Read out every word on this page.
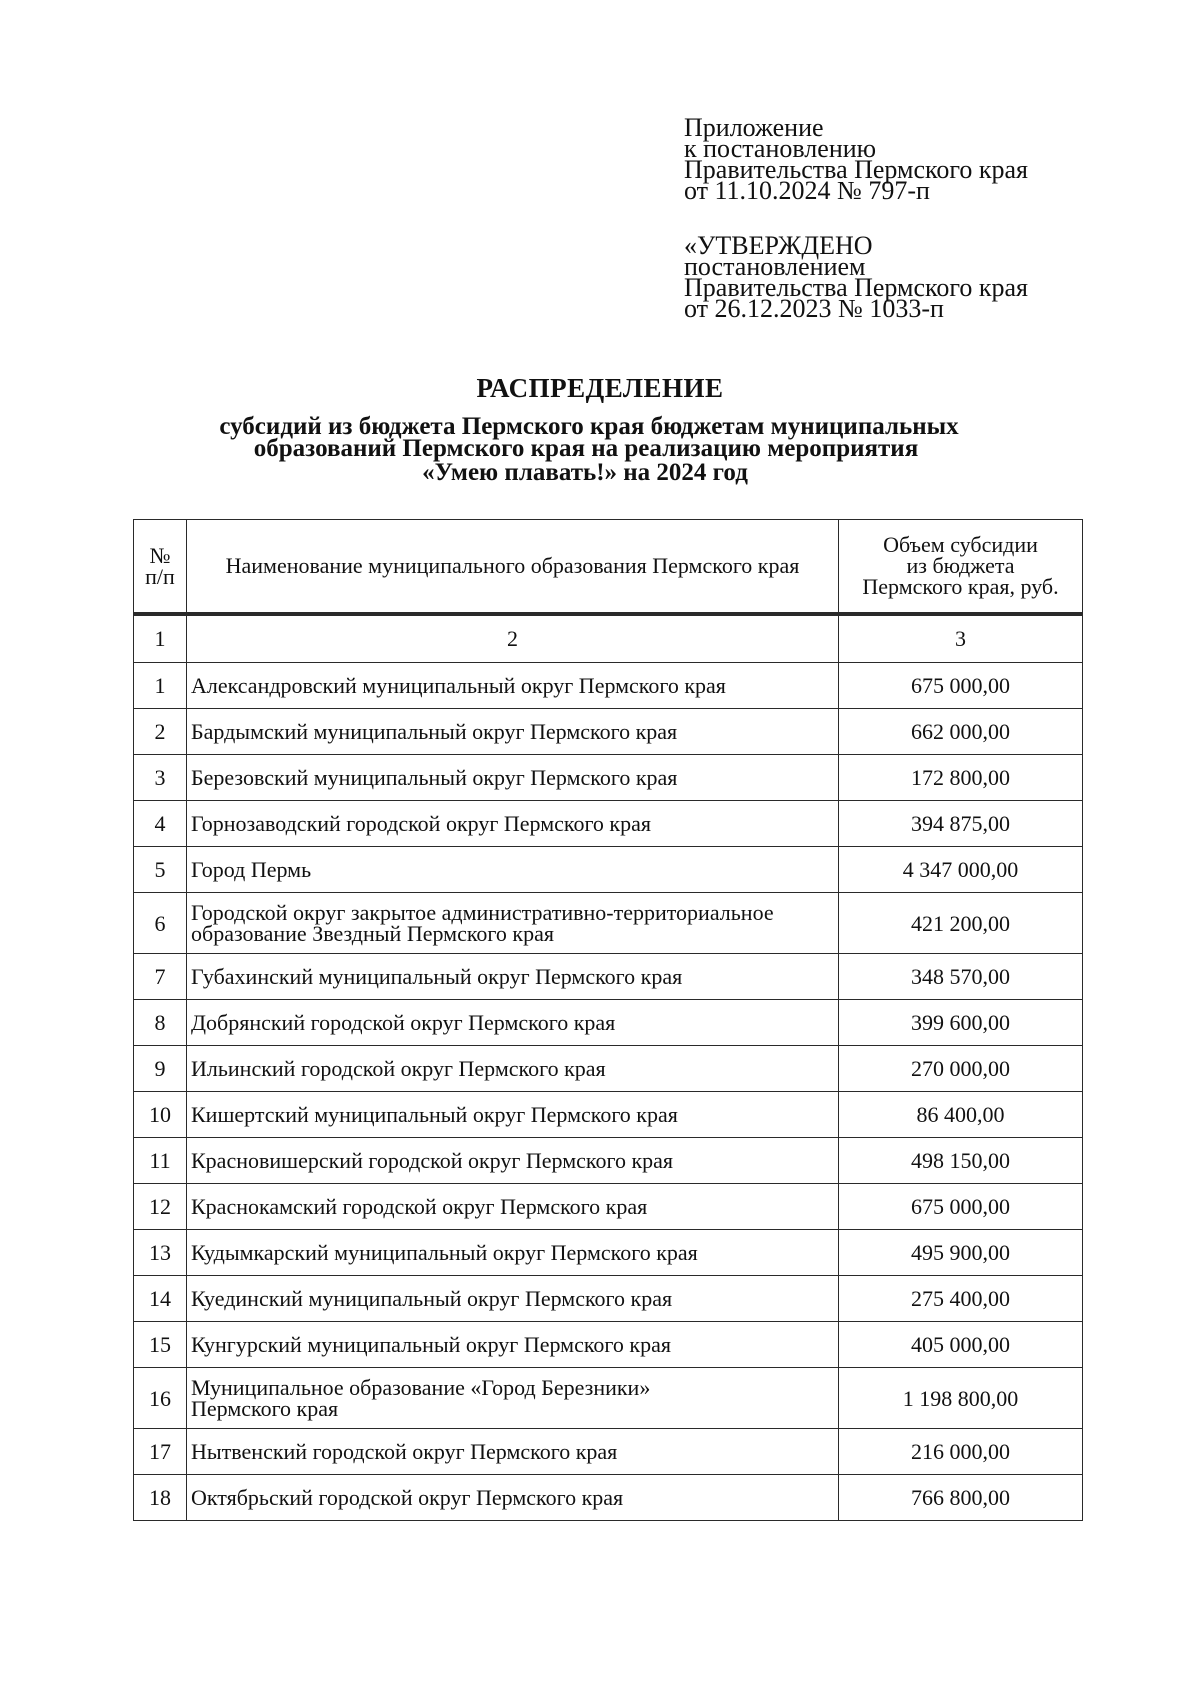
Приложение
к постановлению
Правительства Пермского края
от 11.10.2024 № 797-п
«УТВЕРЖДЕНО
постановлением
Правительства Пермского края
от 26.12.2023 № 1033-п
РАСПРЕДЕЛЕНИЕ
субсидий из бюджета Пермского края бюджетам муниципальных
образований Пермского края на реализацию мероприятия
«Умею плавать!» на 2024 год
№
п/п	Наименование муниципального образования Пермского края	Объем субсидии
из бюджета
Пермского края, руб.

1	2	3
1	Александровский муниципальный округ Пермского края	675 000,00
2	Бардымский муниципальный округ Пермского края	662 000,00
3	Березовский муниципальный округ Пермского края	172 800,00
4	Горнозаводский городской округ Пермского края	394 875,00
5	Город Пермь	4 347 000,00
6	Городской округ закрытое административно-территориальное
образование Звездный Пермского края	421 200,00
7	Губахинский муниципальный округ Пермского края	348 570,00
8	Добрянский городской округ Пермского края	399 600,00
9	Ильинский городской округ Пермского края	270 000,00
10	Кишертский муниципальный округ Пермского края	86 400,00
11	Красновишерский городской округ Пермского края	498 150,00
12	Краснокамский городской округ Пермского края	675 000,00
13	Кудымкарский муниципальный округ Пермского края	495 900,00
14	Куединский муниципальный округ Пермского края	275 400,00
15	Кунгурский муниципальный округ Пермского края	405 000,00
16	Муниципальное образование «Город Березники»
Пермского края	1 198 800,00
17	Нытвенский городской округ Пермского края	216 000,00
18	Октябрьский городской округ Пермского края	766 800,00
